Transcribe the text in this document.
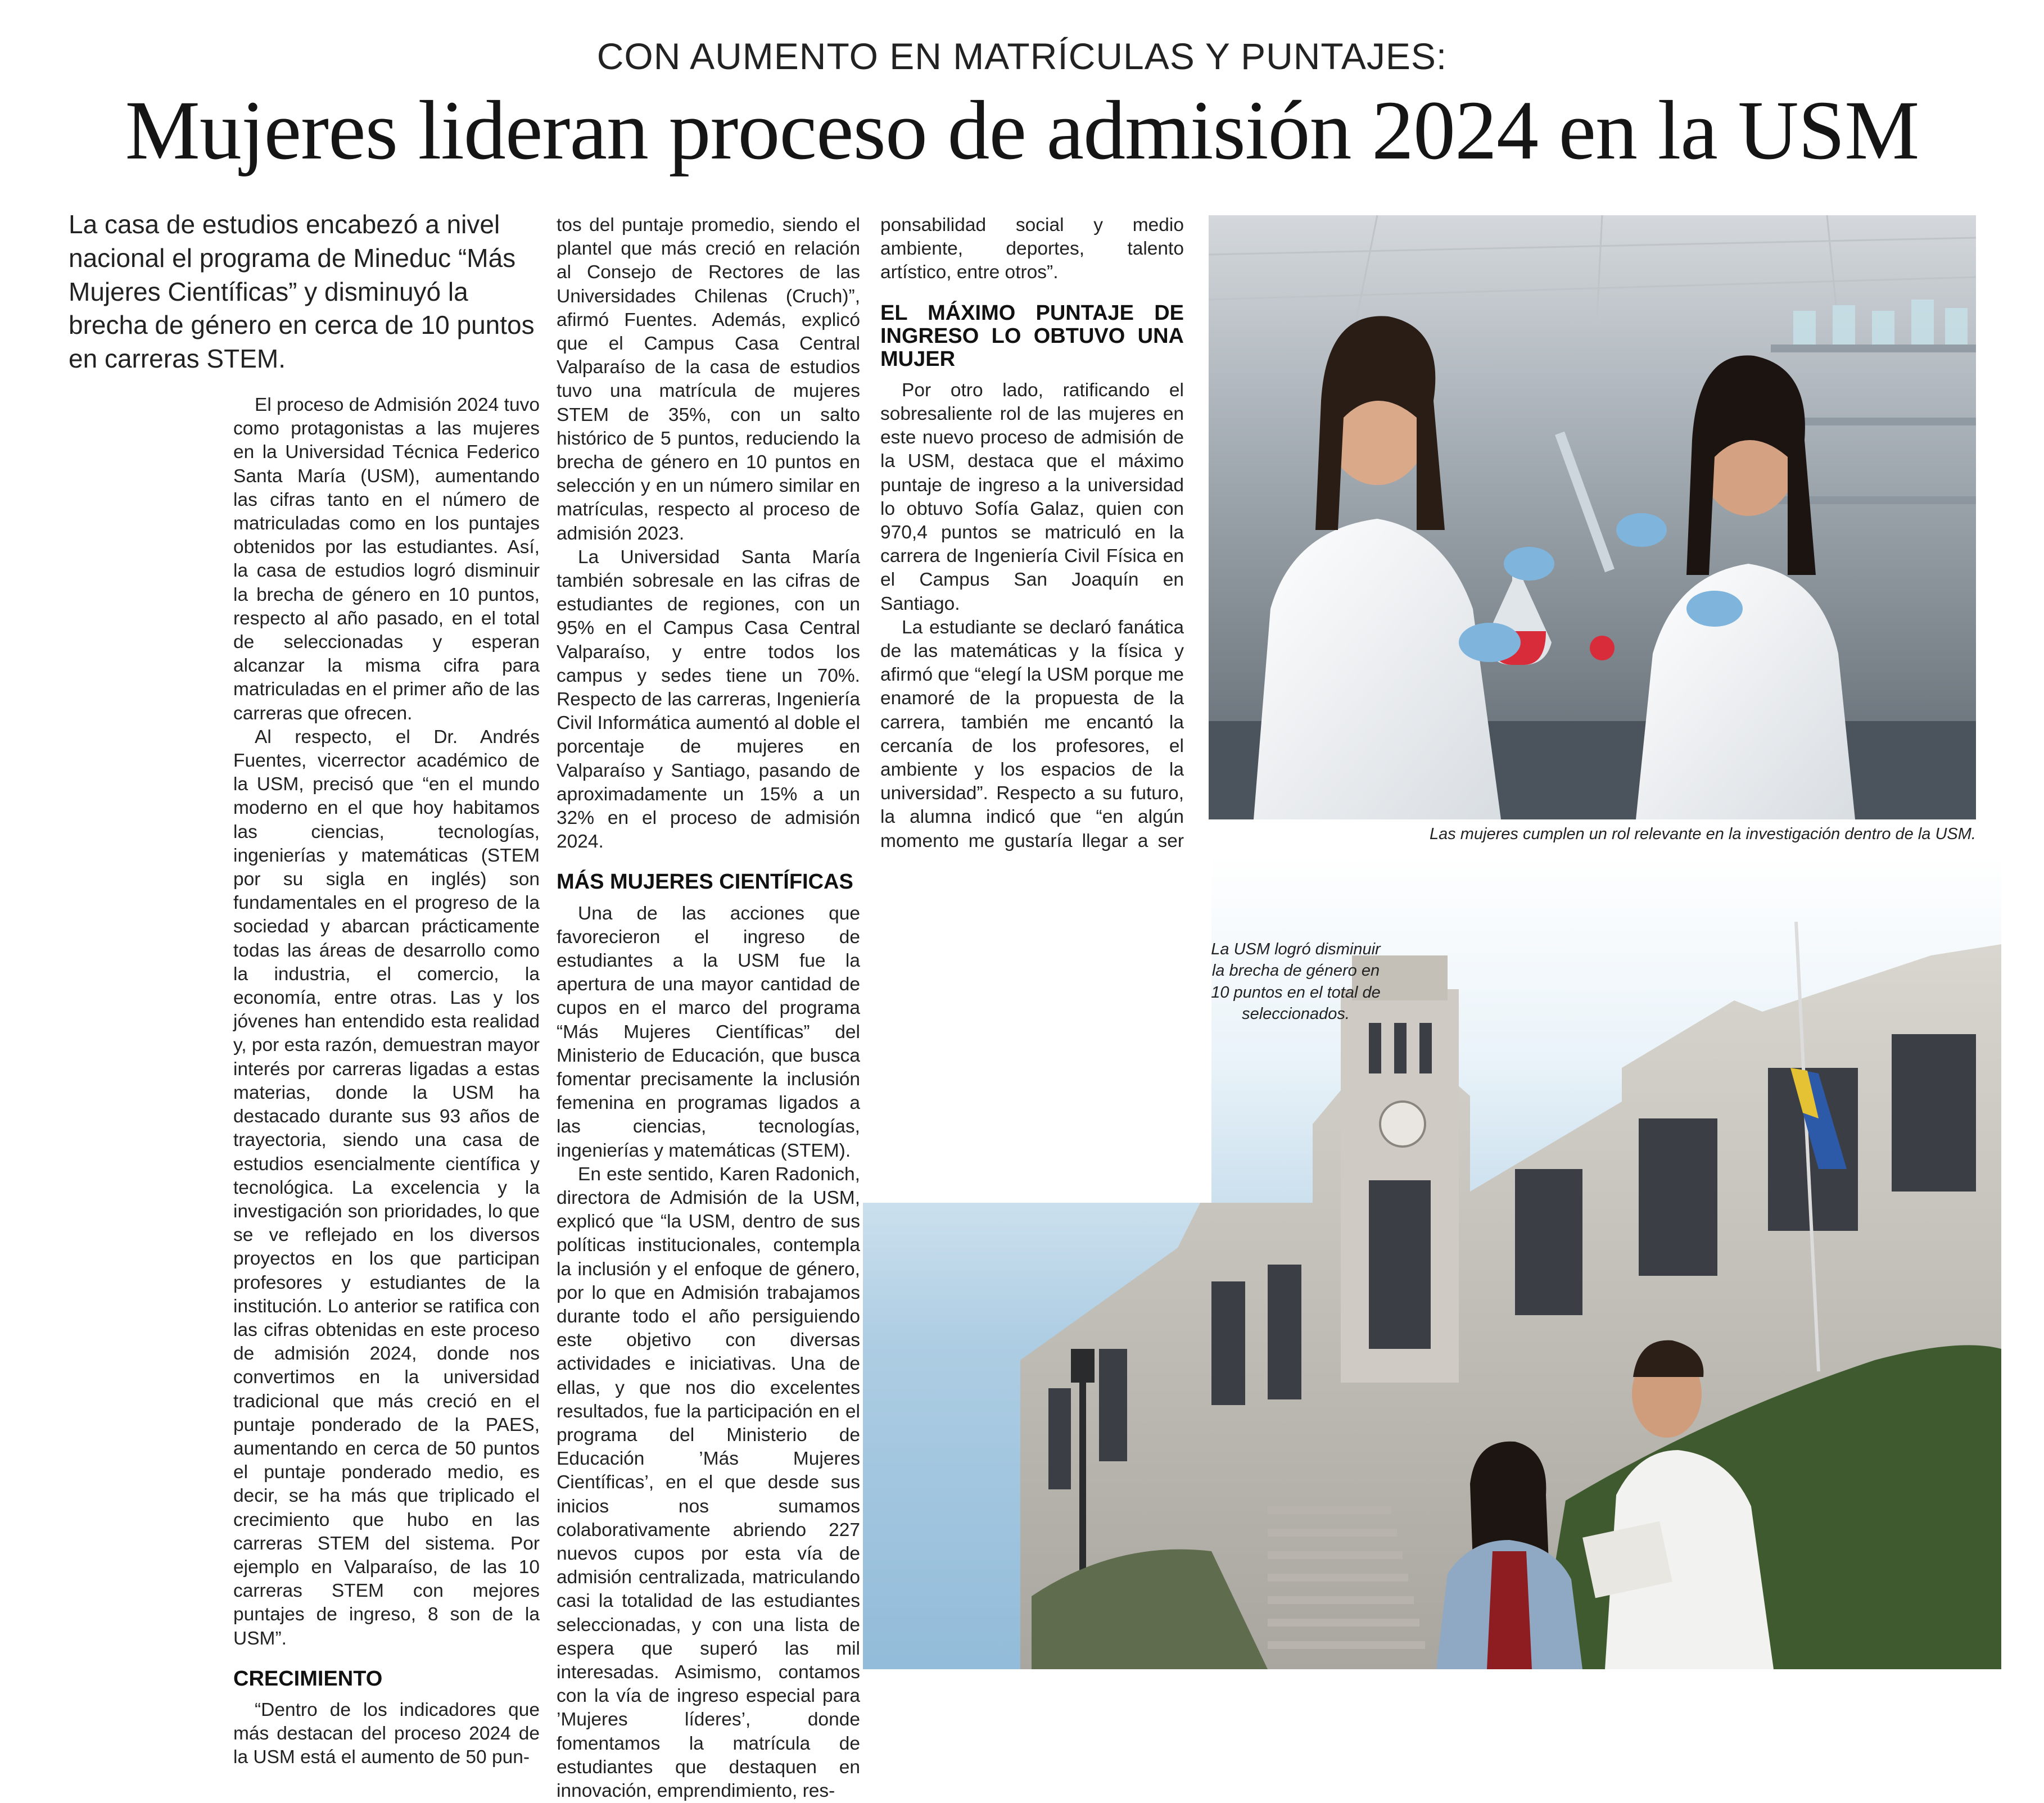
CON AUMENTO EN MATRÍCULAS Y PUNTAJES:
Mujeres lideran proceso de admisión 2024 en la USM

La casa de estudios encabezó a nivel nacional el programa de Mineduc “Más Mujeres Científicas” y disminuyó la brecha de género en cerca de 10 puntos en carreras STEM.

El proceso de Admisión 2024 tuvo como protagonistas a las mujeres en la Universidad Técnica Federico Santa María (USM), aumentando las cifras tanto en el número de matriculadas como en los puntajes obtenidos por las estudiantes. Así, la casa de estudios logró disminuir la brecha de género en 10 puntos, respecto al año pasado, en el total de seleccionadas y esperan alcanzar la misma cifra para matriculadas en el primer año de las carreras que ofrecen.

Al respecto, el Dr. Andrés Fuentes, vicerrector académico de la USM, precisó que “en el mundo moderno en el que hoy habitamos las ciencias, tecnologías, ingenierías y matemáticas (STEM por su sigla en inglés) son fundamentales en el progreso de la sociedad y abarcan prácticamente todas las áreas de desarrollo como la industria, el comercio, la economía, entre otras. Las y los jóvenes han entendido esta realidad y, por esta razón, demuestran mayor interés por carreras ligadas a estas materias, donde la USM ha destacado durante sus 93 años de trayectoria, siendo una casa de estudios esencialmente científica y tecnológica. La excelencia y la investigación son prioridades, lo que se ve reflejado en los diversos proyectos en los que participan profesores y estudiantes de la institución. Lo anterior se ratifica con las cifras obtenidas en este proceso de admisión 2024, donde nos convertimos en la universidad tradicional que más creció en el puntaje ponderado de la PAES, aumentando en cerca de 50 puntos el puntaje ponderado medio, es decir, se ha más que triplicado el crecimiento que hubo en las carreras STEM del sistema. Por ejemplo en Valparaíso, de las 10 carreras STEM con mejores puntajes de ingreso, 8 son de la USM”.

CRECIMIENTO

“Dentro de los indicadores que más destacan del proceso 2024 de la USM está el aumento de 50 pun-

tos del puntaje promedio, siendo el plantel que más creció en relación al Consejo de Rectores de las Universidades Chilenas (Cruch)”, afirmó Fuentes. Además, explicó que el Campus Casa Central Valparaíso de la casa de estudios tuvo una matrícula de mujeres STEM de 35%, con un salto histórico de 5 puntos, reduciendo la brecha de género en 10 puntos en selección y en un número similar en matrículas, respecto al proceso de admisión 2023.

La Universidad Santa María también sobresale en las cifras de estudiantes de regiones, con un 95% en el Campus Casa Central Valparaíso, y entre todos los campus y sedes tiene un 70%. Respecto de las carreras, Ingeniería Civil Informática aumentó al doble el porcentaje de mujeres en Valparaíso y Santiago, pasando de aproximadamente un 15% a un 32% en el proceso de admisión 2024.

MÁS MUJERES CIENTÍFICAS

Una de las acciones que favorecieron el ingreso de estudiantes a la USM fue la apertura de una mayor cantidad de cupos en el marco del programa “Más Mujeres Científicas” del Ministerio de Educación, que busca fomentar precisamente la inclusión femenina en programas ligados a las ciencias, tecnologías, ingenierías y matemáticas (STEM).

En este sentido, Karen Radonich, directora de Admisión de la USM, explicó que “la USM, dentro de sus políticas institucionales, contempla la inclusión y el enfoque de género, por lo que en Admisión trabajamos durante todo el año persiguiendo este objetivo con diversas actividades e iniciativas. Una de ellas, y que nos dio excelentes resultados, fue la participación en el programa del Ministerio de Educación ’Más Mujeres Científicas’, en el que desde sus inicios nos sumamos colaborativamente abriendo 227 nuevos cupos por esta vía de admisión centralizada, matriculando casi la totalidad de las estudiantes seleccionadas, y con una lista de espera que superó las mil interesadas. Asimismo, contamos con la vía de ingreso especial para ’Mujeres líderes’, donde fomentamos la matrícula de estudiantes que destaquen en innovación, emprendimiento, res-

ponsabilidad social y medio ambiente, deportes, talento artístico, entre otros”.

EL MÁXIMO PUNTAJE DE INGRESO LO OBTUVO UNA MUJER

Por otro lado, ratificando el sobresaliente rol de las mujeres en este nuevo proceso de admisión de la USM, destaca que el máximo puntaje de ingreso a la universidad lo obtuvo Sofía Galaz, quien con 970,4 puntos se matriculó en la carrera de Ingeniería Civil Física en el Campus San Joaquín en Santiago.

La estudiante se declaró fanática de las matemáticas y la física y afirmó que “elegí la USM porque me enamoré de la propuesta de la carrera, también me encantó la cercanía de los profesores, el ambiente y los espacios de la universidad”. Respecto a su futuro, la alumna indicó que “en algún momento me gustaría llegar a ser	Las mujeres cumplen un rol relevante en la investigación dentro de la USM.
La USM logró disminuir la brecha de género en 10 puntos en el total de seleccionados.
